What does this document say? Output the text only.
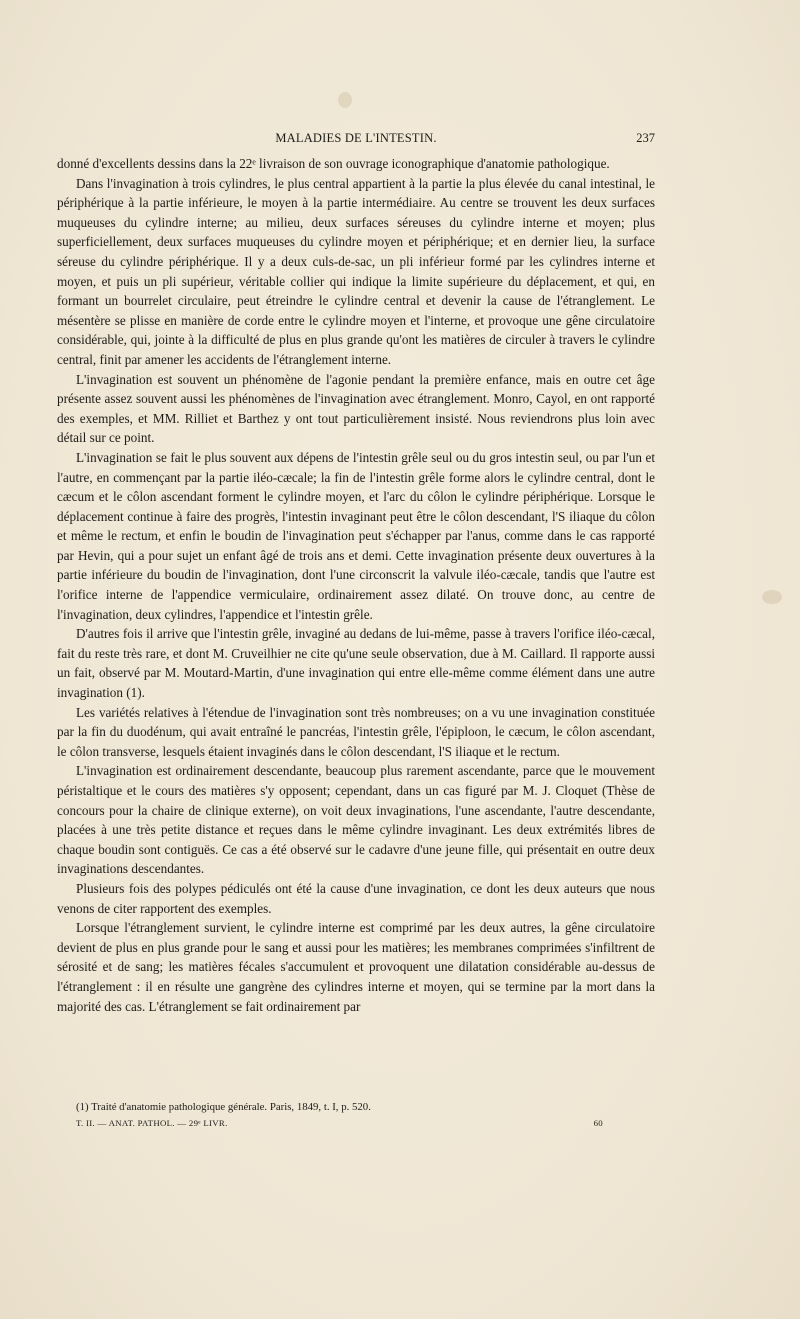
MALADIES DE L'INTESTIN.	237

donné d'excellents dessins dans la 22ᵉ livraison de son ouvrage iconographique d'anatomie pathologique.

Dans l'invagination à trois cylindres, le plus central appartient à la partie la plus élevée du canal intestinal, le périphérique à la partie inférieure, le moyen à la partie intermédiaire. Au centre se trouvent les deux surfaces muqueuses du cylindre interne; au milieu, deux surfaces séreuses du cylindre interne et moyen; plus superficiellement, deux surfaces muqueuses du cylindre moyen et périphérique; et en dernier lieu, la surface séreuse du cylindre périphérique. Il y a deux culs-de-sac, un pli inférieur formé par les cylindres interne et moyen, et puis un pli supérieur, véritable collier qui indique la limite supérieure du déplacement, et qui, en formant un bourrelet circulaire, peut étreindre le cylindre central et devenir la cause de l'étranglement. Le mésentère se plisse en manière de corde entre le cylindre moyen et l'interne, et provoque une gêne circulatoire considérable, qui, jointe à la difficulté de plus en plus grande qu'ont les matières de circuler à travers le cylindre central, finit par amener les accidents de l'étranglement interne.

L'invagination est souvent un phénomène de l'agonie pendant la première enfance, mais en outre cet âge présente assez souvent aussi les phénomènes de l'invagination avec étranglement. Monro, Cayol, en ont rapporté des exemples, et MM. Rilliet et Barthez y ont tout particulièrement insisté. Nous reviendrons plus loin avec détail sur ce point.

L'invagination se fait le plus souvent aux dépens de l'intestin grêle seul ou du gros intestin seul, ou par l'un et l'autre, en commençant par la partie iléo-cæcale; la fin de l'intestin grêle forme alors le cylindre central, dont le cæcum et le côlon ascendant forment le cylindre moyen, et l'arc du côlon le cylindre périphérique. Lorsque le déplacement continue à faire des progrès, l'intestin invaginant peut être le côlon descendant, l'S iliaque du côlon et même le rectum, et enfin le boudin de l'invagination peut s'échapper par l'anus, comme dans le cas rapporté par Hevin, qui a pour sujet un enfant âgé de trois ans et demi. Cette invagination présente deux ouvertures à la partie inférieure du boudin de l'invagination, dont l'une circonscrit la valvule iléo-cæcale, tandis que l'autre est l'orifice interne de l'appendice vermiculaire, ordinairement assez dilaté. On trouve donc, au centre de l'invagination, deux cylindres, l'appendice et l'intestin grêle.

D'autres fois il arrive que l'intestin grêle, invaginé au dedans de lui-même, passe à travers l'orifice iléo-cæcal, fait du reste très rare, et dont M. Cruveilhier ne cite qu'une seule observation, due à M. Caillard. Il rapporte aussi un fait, observé par M. Moutard-Martin, d'une invagination qui entre elle-même comme élément dans une autre invagination (1).

Les variétés relatives à l'étendue de l'invagination sont très nombreuses; on a vu une invagination constituée par la fin du duodénum, qui avait entraîné le pancréas, l'intestin grêle, l'épiploon, le cæcum, le côlon ascendant, le côlon transverse, lesquels étaient invaginés dans le côlon descendant, l'S iliaque et le rectum.

L'invagination est ordinairement descendante, beaucoup plus rarement ascendante, parce que le mouvement péristaltique et le cours des matières s'y opposent; cependant, dans un cas figuré par M. J. Cloquet (Thèse de concours pour la chaire de clinique externe), on voit deux invaginations, l'une ascendante, l'autre descendante, placées à une très petite distance et reçues dans le même cylindre invaginant. Les deux extrémités libres de chaque boudin sont contiguës. Ce cas a été observé sur le cadavre d'une jeune fille, qui présentait en outre deux invaginations descendantes.

Plusieurs fois des polypes pédiculés ont été la cause d'une invagination, ce dont les deux auteurs que nous venons de citer rapportent des exemples.

Lorsque l'étranglement survient, le cylindre interne est comprimé par les deux autres, la gêne circulatoire devient de plus en plus grande pour le sang et aussi pour les matières; les membranes comprimées s'infiltrent de sérosité et de sang; les matières fécales s'accumulent et provoquent une dilatation considérable au-dessus de l'étranglement : il en résulte une gangrène des cylindres interne et moyen, qui se termine par la mort dans la majorité des cas. L'étranglement se fait ordinairement par

(1) Traité d'anatomie pathologique générale. Paris, 1849, t. I, p. 520.
T. II. — ANAT. PATHOL. — 29ᵉ LIVR.	60
